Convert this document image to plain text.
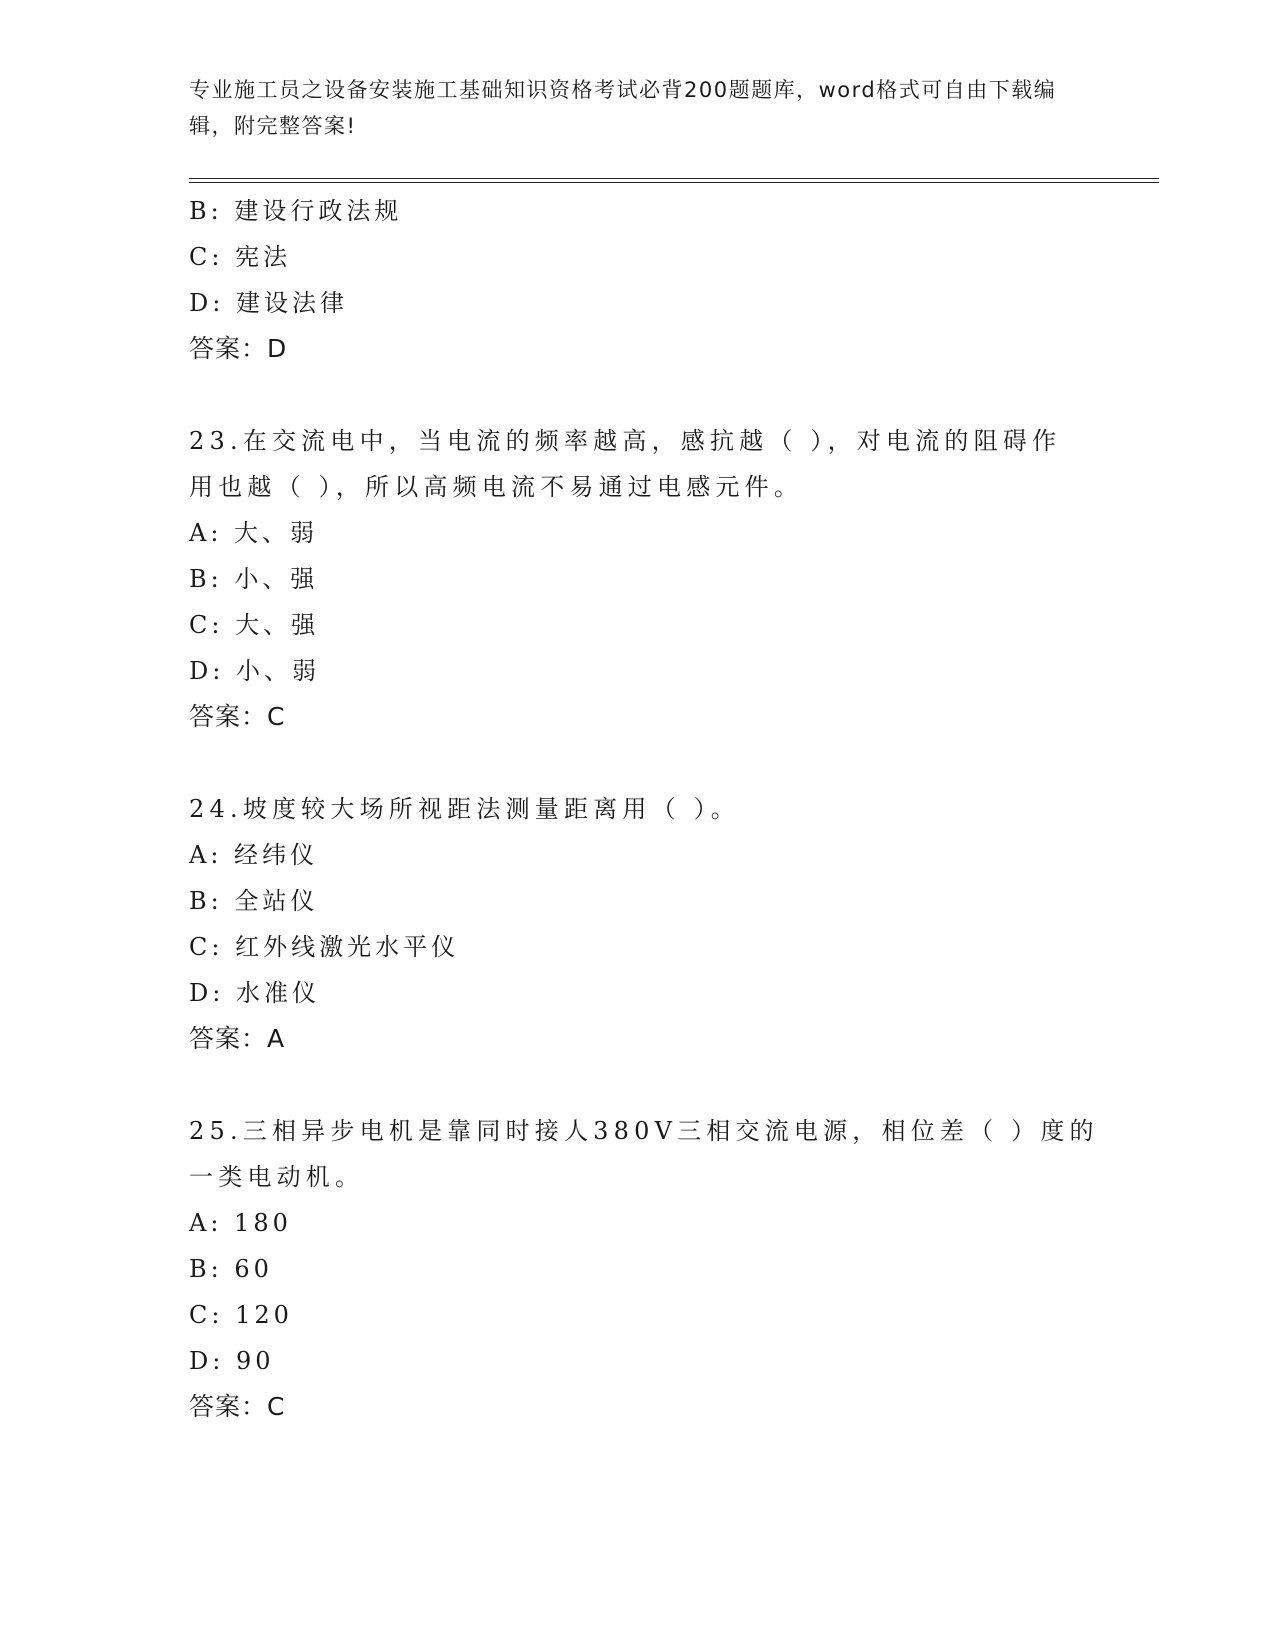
专业施工员之设备安装施工基础知识资格考试必背200题题库，word格式可自由下载编辑，附完整答案!
B: 建设行政法规
C: 宪法
D: 建设法律
答案：D
23.在交流电中，当电流的频率越高，感抗越（ ），对电流的阻碍作
用也越（ ），所以高频电流不易通过电感元件。
A: 大、弱
B: 小、强
C: 大、强
D: 小、弱
答案：C
24.坡度较大场所视距法测量距离用（ ）。
A: 经纬仪
B: 全站仪
C: 红外线激光水平仪
D: 水准仪
答案：A
25.三相异步电机是靠同时接人380V三相交流电源，相位差（ ）度的
一类电动机。
A: 180
B: 60
C: 120
D: 90
答案：C
